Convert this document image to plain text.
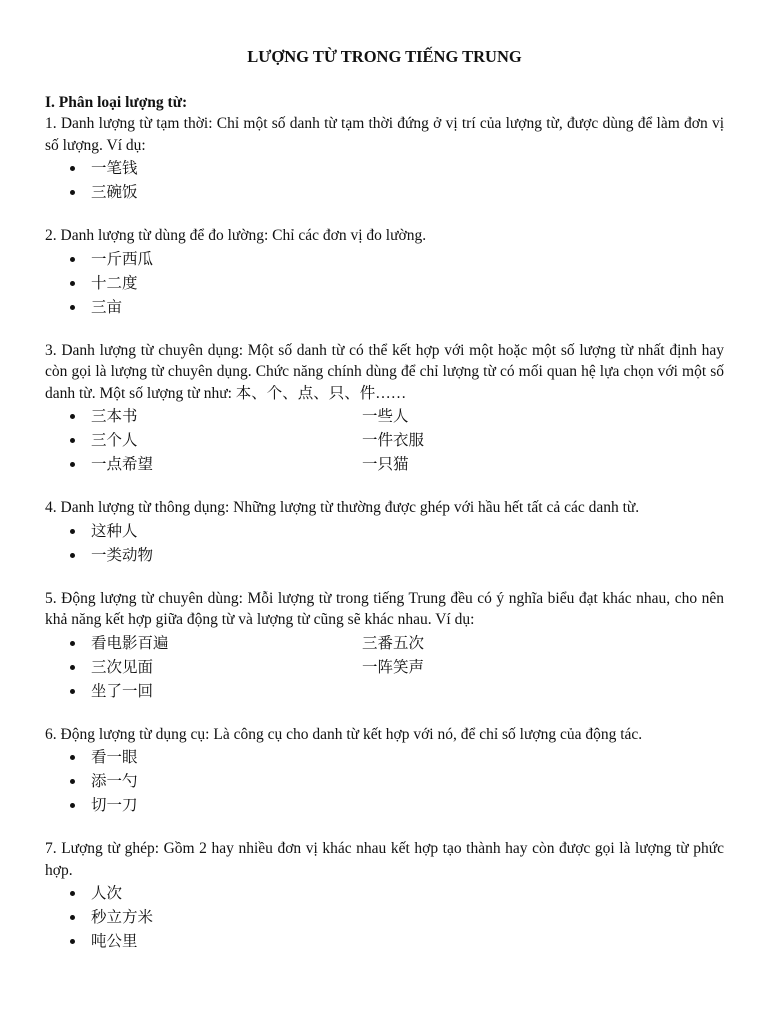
LƯỢNG TỪ TRONG TIẾNG TRUNG

I. Phân loại lượng từ:

1. Danh lượng từ tạm thời: Chỉ một số danh từ tạm thời đứng ở vị trí của lượng từ, được dùng để làm đơn vị số lượng. Ví dụ:

一笔钱
三碗饭

2. Danh lượng từ dùng để đo lường: Chỉ các đơn vị đo lường.

一斤西瓜
十二度
三亩

3. Danh lượng từ chuyên dụng: Một số danh từ có thể kết hợp với một hoặc một số lượng từ nhất định hay còn gọi là lượng từ chuyên dụng. Chức năng chính dùng để chỉ lượng từ có mối quan hệ lựa chọn với một số danh từ. Một số lượng từ như: 本、个、点、只、件……

三本书	一些人
三个人	一件衣服
一点希望	一只猫

4. Danh lượng từ thông dụng: Những lượng từ thường được ghép với hầu hết tất cả các danh từ.

这种人
一类动物

5. Động lượng từ chuyên dùng: Mỗi lượng từ trong tiếng Trung đều có ý nghĩa biểu đạt khác nhau, cho nên khả năng kết hợp giữa động từ và lượng từ cũng sẽ khác nhau. Ví dụ:

看电影百遍	三番五次
三次见面	一阵笑声
坐了一回

6. Động lượng từ dụng cụ: Là công cụ cho danh từ kết hợp với nó, để chỉ số lượng của động tác.

看一眼
添一勺
切一刀

7. Lượng từ ghép: Gồm 2 hay nhiều đơn vị khác nhau kết hợp tạo thành hay còn được gọi là lượng từ phức hợp.

人次
秒立方米
吨公里
